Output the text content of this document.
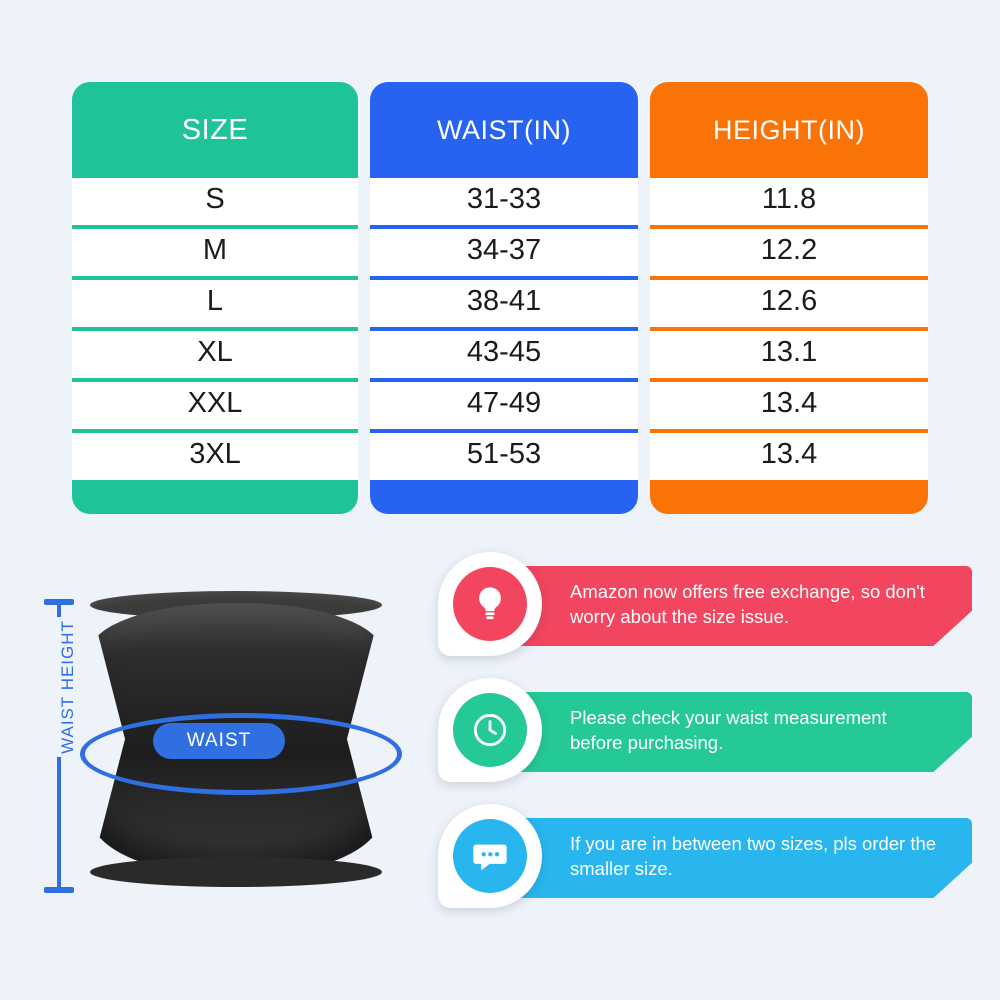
SIZE
S
M
L
XL
XXL
3XL
WAIST(IN)
31-33
34-37
38-41
43-45
47-49
51-53
HEIGHT(IN)
11.8
12.2
12.6
13.1
13.4
13.4
WAIST HEIGHT	WAIST
Amazon now offers free exchange, so don't worry about the size issue.
Please check your waist measurement before purchasing.
If you are in between two sizes, pls order the smaller size.
